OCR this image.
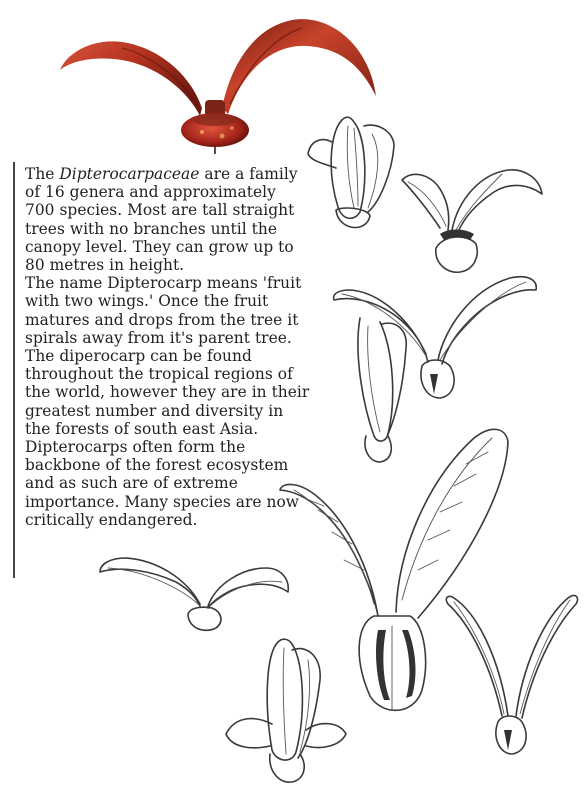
The Dipterocarpaceae are a family of 16 genera and approximately 700 species. Most are tall straight trees with no branches until the canopy level. They can grow up to 80 metres in height.

The name Dipterocarp means 'fruit with two wings.' Once the fruit matures and drops from the tree it spirals away from it's parent tree. The diperocarp can be found throughout the tropical regions of the world, however they are in their greatest number and diversity in the forests of south east Asia. Dipterocarps often form the backbone of the forest ecosystem and as such are of extreme importance. Many species are now critically endangered.
